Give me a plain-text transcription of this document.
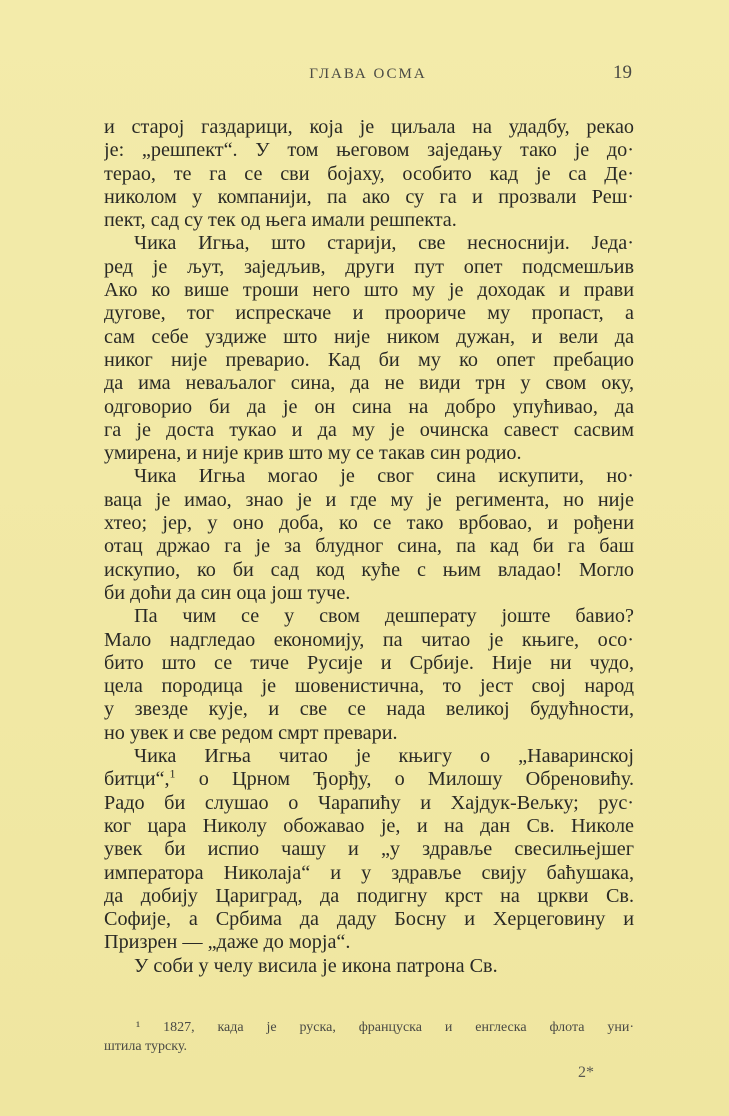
ГЛАВА ОСМА	19
и старој газдарици, која је циљала на удадбу, рекао
је: „решпект“. У том његовом заједању тако је до·
терао, те га се сви бојаху, особито кад је са Де·
николом у компанији, па ако су га и прозвали Реш·
пект, сад су тек од њега имали решпекта.
Чика Игња, што старији, све несноснији. Једа·
ред је љут, заједљив, други пут опет подсмешљив
Ако ко више троши него што му је доходак и прави
дугове, тог испрескаче и проориче му пропаст, а
сам себе уздиже што није ником дужан, и вели да
никог није преварио. Кад би му ко опет пребацио
да има неваљалог сина, да не види трн у свом оку,
одговорио би да је он сина на добро упућивао, да
га је доста тукао и да му је очинска савест сасвим
умирена, и није крив што му се такав син родио.
Чика Игња могао је свог сина искупити, но·
ваца је имао, знао је и где му је регимента, но није
хтео; јер, у оно доба, ко се тако врбовао, и рођени
отац држао га је за блудног сина, па кад би га баш
искупио, ко би сад код куће с њим владао! Могло
би доћи да син оца још туче.
Па чим се у свом дешперату јоште бавио?
Мало надгледао економију, па читао је књиге, осо·
бито што се тиче Русије и Србије. Није ни чудо,
цела породица је шовенистична, то јест свој народ
у звезде кује, и све се нада великој будућности,
но увек и све редом смрт превари.
Чика Игња читао је књигу о „Наваринској
битци“,$^1$ о Црном Ђорђу, о Милошу Обреновићу.
Радо би слушао о Чарапићу и Хајдук-Вељку; рус·
ког цара Николу обожавао је, и на дан Св. Николе
увек би испио чашу и „у здравље свесилњејшег
императора Николаја“ и у здравље свију баћушака,
да добију Цариград, да подигну крст на цркви Св.
Софије, а Србима да даду Босну и Херцеговину и
Призрен — „даже до морја“.
У соби у челу висила је икона патрона Св.
¹ 1827, када је руска, француска и енглеска флота уни·
штила турску.
2*
